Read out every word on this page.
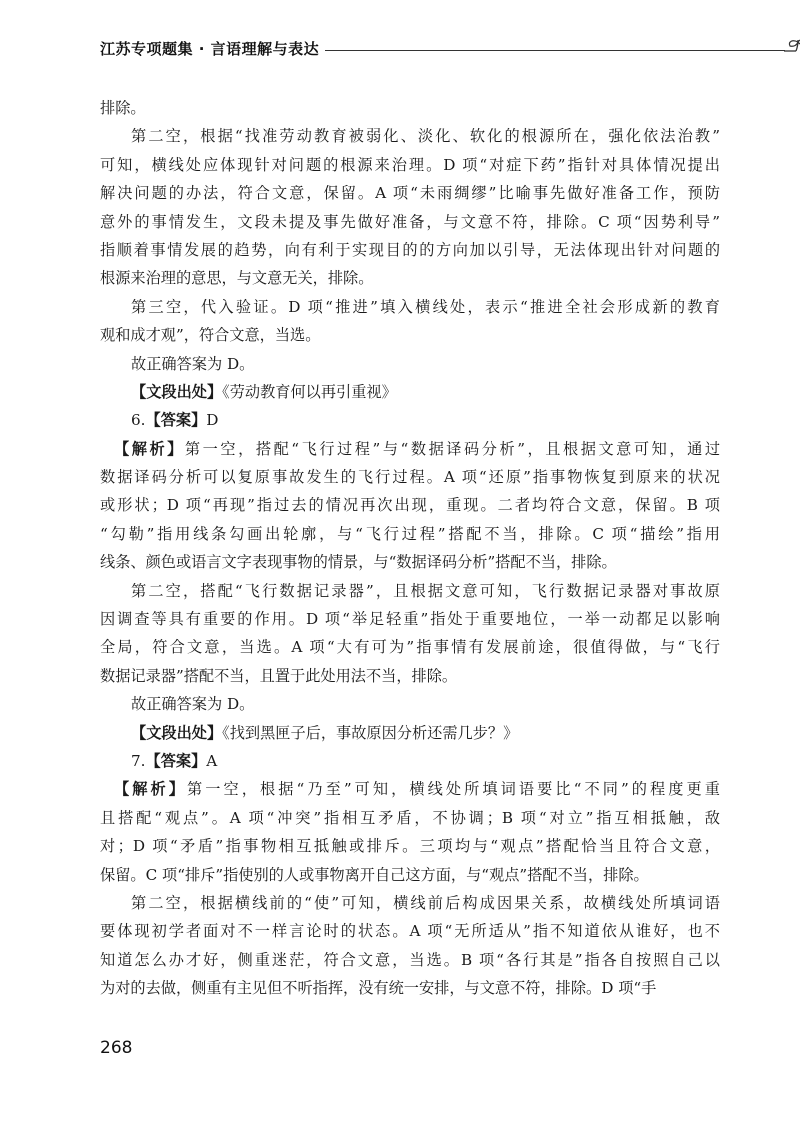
江苏专项题集 · 言语理解与表达
排除。
第二空，根据“找准劳动教育被弱化、淡化、软化的根源所在，强化依法治教”
可知，横线处应体现针对问题的根源来治理。D 项“对症下药”指针对具体情况提出
解决问题的办法，符合文意，保留。A 项“未雨绸缪”比喻事先做好准备工作，预防
意外的事情发生，文段未提及事先做好准备，与文意不符，排除。C 项“因势利导”
指顺着事情发展的趋势，向有利于实现目的的方向加以引导，无法体现出针对问题的
根源来治理的意思，与文意无关，排除。
第三空，代入验证。D 项“推进”填入横线处，表示“推进全社会形成新的教育
观和成才观”，符合文意，当选。
故正确答案为 D。
【文段出处】《劳动教育何以再引重视》
6.【答案】D
【解析】第一空，搭配“飞行过程”与“数据译码分析”，且根据文意可知，通过
数据译码分析可以复原事故发生的飞行过程。A 项“还原”指事物恢复到原来的状况
或形状；D 项“再现”指过去的情况再次出现，重现。二者均符合文意，保留。B 项
“勾勒”指用线条勾画出轮廓，与“飞行过程”搭配不当，排除。C 项“描绘”指用
线条、颜色或语言文字表现事物的情景，与“数据译码分析”搭配不当，排除。
第二空，搭配“飞行数据记录器”，且根据文意可知，飞行数据记录器对事故原
因调查等具有重要的作用。D 项“举足轻重”指处于重要地位，一举一动都足以影响
全局，符合文意，当选。A 项“大有可为”指事情有发展前途，很值得做，与“飞行
数据记录器”搭配不当，且置于此处用法不当，排除。
故正确答案为 D。
【文段出处】《找到黑匣子后，事故原因分析还需几步？》
7.【答案】A
【解析】第一空，根据“乃至”可知，横线处所填词语要比“不同”的程度更重
且搭配“观点”。A 项“冲突”指相互矛盾，不协调；B 项“对立”指互相抵触，敌
对；D 项“矛盾”指事物相互抵触或排斥。三项均与“观点”搭配恰当且符合文意，
保留。C 项“排斥”指使别的人或事物离开自己这方面，与“观点”搭配不当，排除。
第二空，根据横线前的“使”可知，横线前后构成因果关系，故横线处所填词语
要体现初学者面对不一样言论时的状态。A 项“无所适从”指不知道依从谁好，也不
知道怎么办才好，侧重迷茫，符合文意，当选。B 项“各行其是”指各自按照自己以
为对的去做，侧重有主见但不听指挥，没有统一安排，与文意不符，排除。D 项“手
268
